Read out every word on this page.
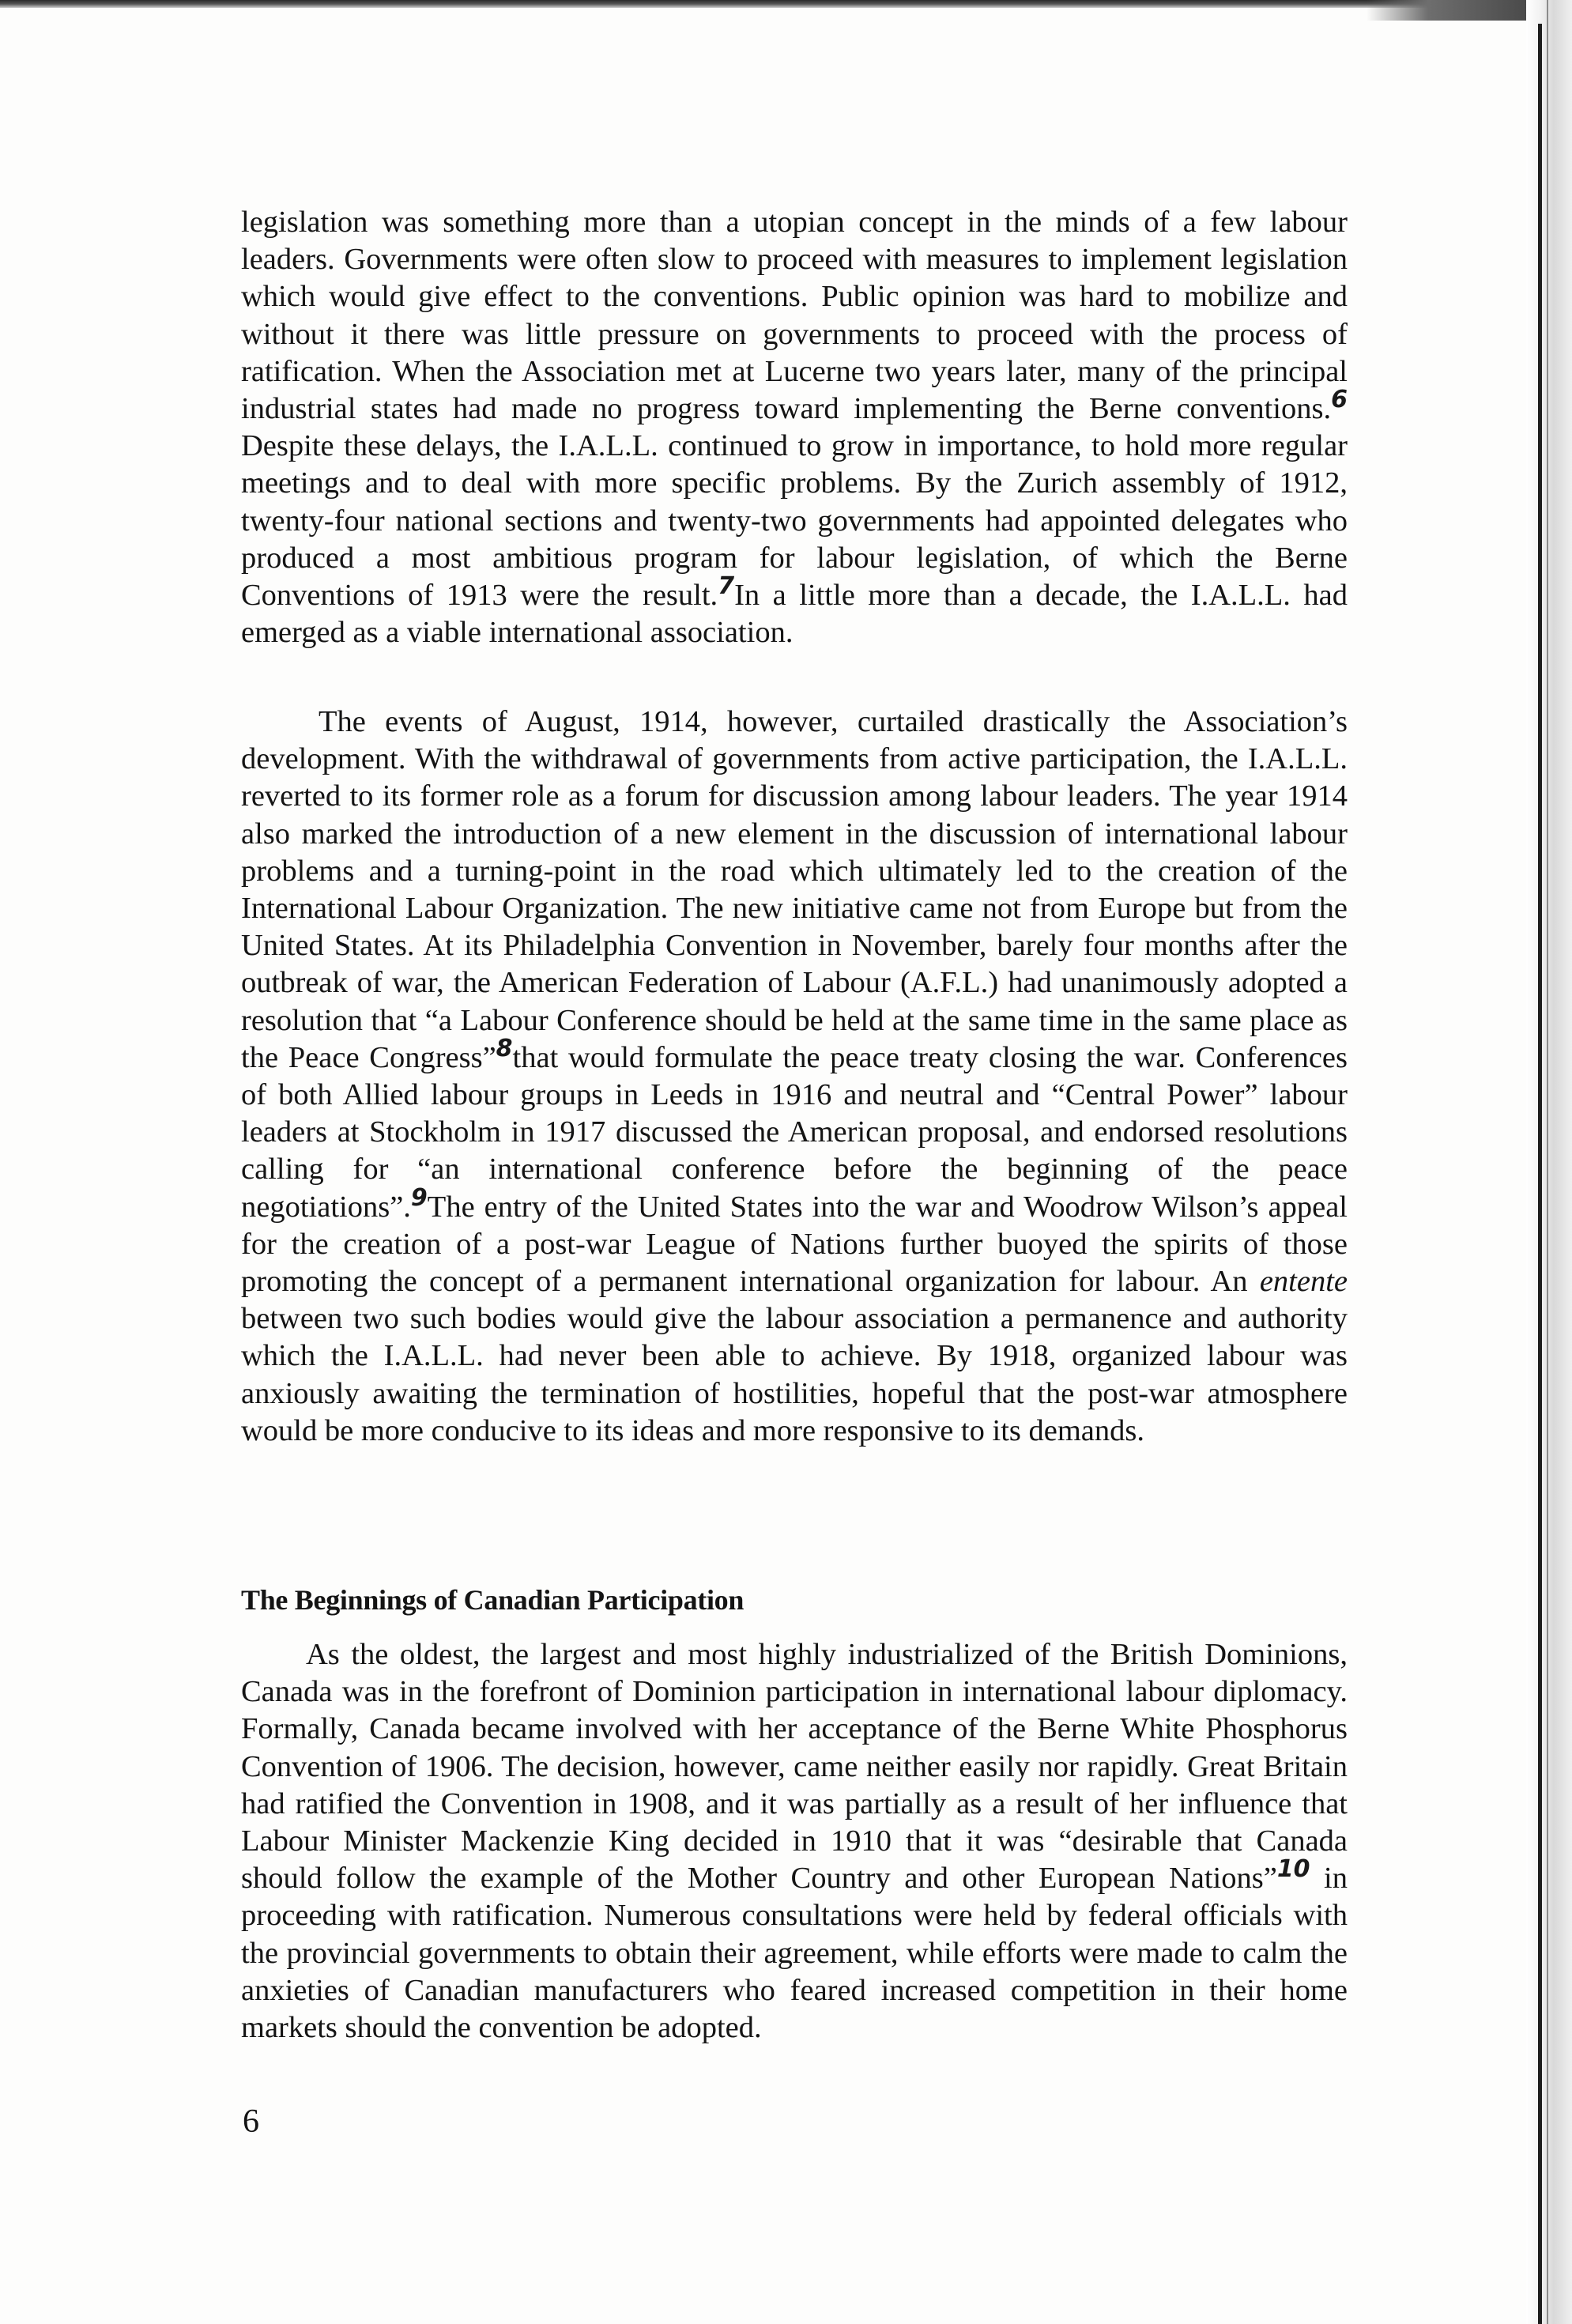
legislation was something more than a utopian concept in the minds of a few labour leaders. Governments were often slow to proceed with measures to implement legislation which would give effect to the conventions. Public opinion was hard to mobilize and without it there was little pressure on governments to proceed with the process of ratification. When the Association met at Lucerne two years later, many of the principal industrial states had made no progress toward implementing the Berne conventions.$^6$ Despite these delays, the I.A.L.L. continued to grow in importance, to hold more regular meetings and to deal with more specific problems. By the Zurich assembly of 1912, twenty-four national sections and twenty-two governments had appointed delegates who produced a most ambitious program for labour legislation, of which the Berne Conventions of 1913 were the result.$^7$In a little more than a decade, the I.A.L.L. had emerged as a viable international association.

The events of August, 1914, however, curtailed drastically the Association’s development. With the withdrawal of governments from active participation, the I.A.L.L. reverted to its former role as a forum for discussion among labour leaders. The year 1914 also marked the introduction of a new element in the discussion of international labour problems and a turning-point in the road which ultimately led to the creation of the International Labour Organization. The new initiative came not from Europe but from the United States. At its Philadelphia Convention in November, barely four months after the outbreak of war, the American Federation of Labour (A.F.L.) had unanimously adopted a resolution that “a Labour Conference should be held at the same time in the same place as the Peace Congress”$^8$that would formulate the peace treaty closing the war. Conferences of both Allied labour groups in Leeds in 1916 and neutral and “Central Power” labour leaders at Stockholm in 1917 discussed the American proposal, and endorsed resolutions calling for “an international conference before the beginning of the peace negotiations”.$^9$The entry of the United States into the war and Woodrow Wilson’s appeal for the creation of a post-war League of Nations further buoyed the spirits of those promoting the concept of a permanent international organization for labour. An entente between two such bodies would give the labour association a permanence and authority which the I.A.L.L. had never been able to achieve. By 1918, organized labour was anxiously awaiting the termination of hostilities, hopeful that the post-war atmosphere would be more conducive to its ideas and more responsive to its demands.

The Beginnings of Canadian Participation

As the oldest, the largest and most highly industrialized of the British Dominions, Canada was in the forefront of Dominion participation in international labour diplomacy. Formally, Canada became involved with her acceptance of the Berne White Phosphorus Convention of 1906. The decision, however, came neither easily nor rapidly. Great Britain had ratified the Convention in 1908, and it was partially as a result of her influence that Labour Minister Mackenzie King decided in 1910 that it was “desirable that Canada should follow the example of the Mother Country and other European Nations”$^{10}$ in proceeding with ratification. Numerous consultations were held by federal officials with the provincial governments to obtain their agreement, while efforts were made to calm the anxieties of Canadian manufacturers who feared increased competition in their home markets should the convention be adopted.

6
